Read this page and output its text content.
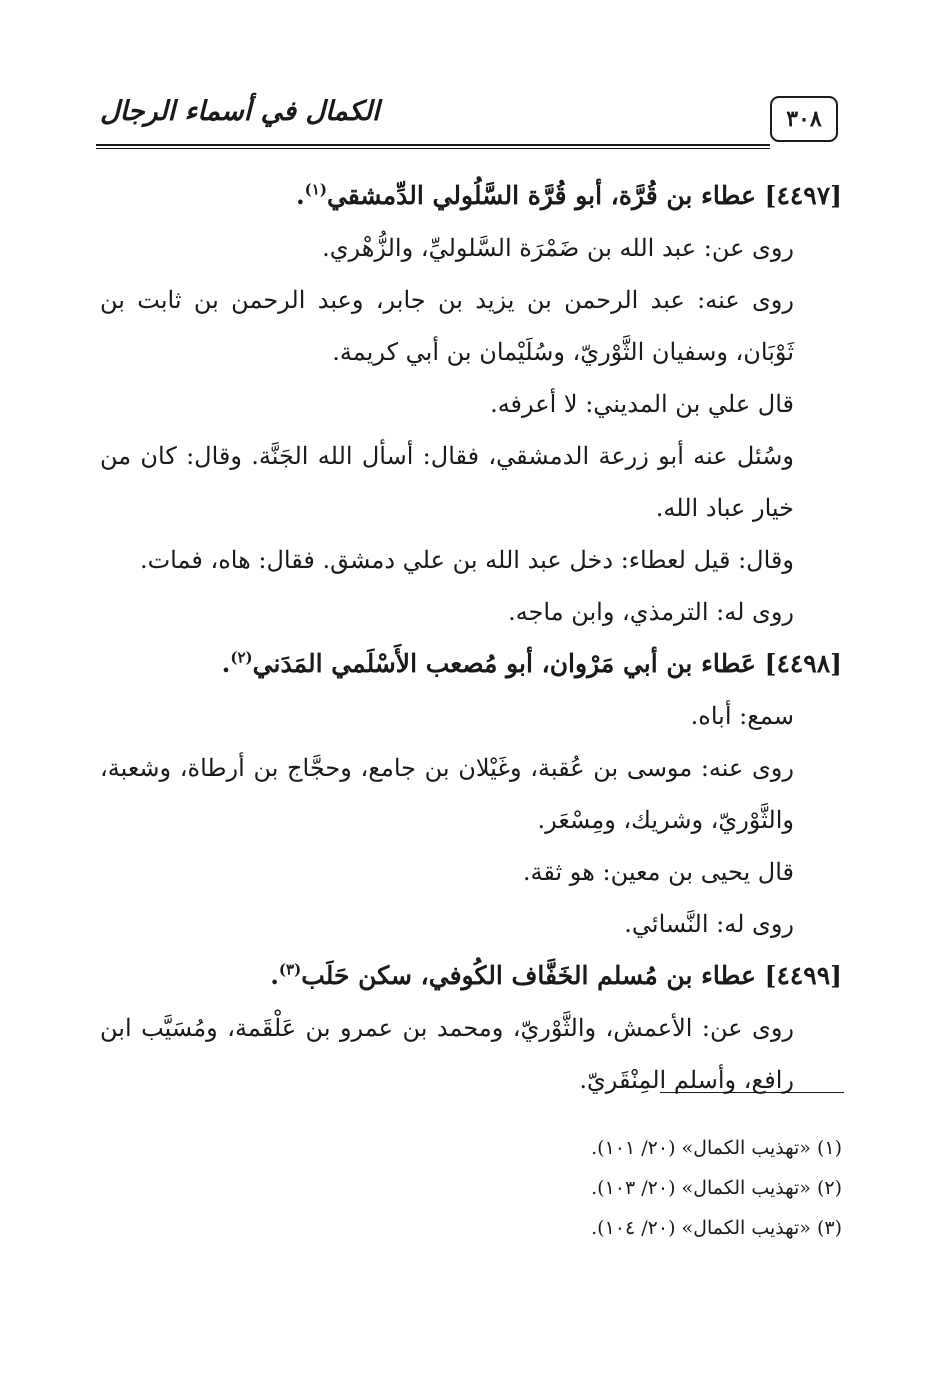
الكمال في أسماء الرجال	٣٠٨

[٤٤٩٧] عطاء بن قُرَّة، أبو قُرَّة السَّلُولي الدِّمشقي$^{(١)}$.

روى عن: عبد الله بن ضَمْرَة السَّلوليِّ، والزُّهْري.

روى عنه: عبد الرحمن بن يزيد بن جابر، وعبد الرحمن بن ثابت بن ثَوْبَان، وسفيان الثَّوْريّ، وسُلَيْمان بن أبي كريمة.

قال علي بن المديني: لا أعرفه.

وسُئل عنه أبو زرعة الدمشقي، فقال: أسأل الله الجَنَّة. وقال: كان من خيار عباد الله.

وقال: قيل لعطاء: دخل عبد الله بن علي دمشق. فقال: هاه، فمات.

روى له: الترمذي، وابن ماجه.

[٤٤٩٨] عَطاء بن أبي مَرْوان، أبو مُصعب الأَسْلَمي المَدَني$^{(٢)}$.

سمع: أباه.

روى عنه: موسى بن عُقبة، وغَيْلان بن جامع، وحجَّاج بن أرطاة، وشعبة، والثَّوْريّ، وشريك، ومِسْعَر.

قال يحيى بن معين: هو ثقة.

روى له: النَّسائي.

[٤٤٩٩] عطاء بن مُسلم الخَفَّاف الكُوفي، سكن حَلَب$^{(٣)}$.

روى عن: الأعمش، والثَّوْريّ، ومحمد بن عمرو بن عَلْقَمة، ومُسَيَّب ابن رافع، وأسلم المِنْقَريّ.

(١) «تهذيب الكمال» (٢٠/ ١٠١).

(٢) «تهذيب الكمال» (٢٠/ ١٠٣).

(٣) «تهذيب الكمال» (٢٠/ ١٠٤).
